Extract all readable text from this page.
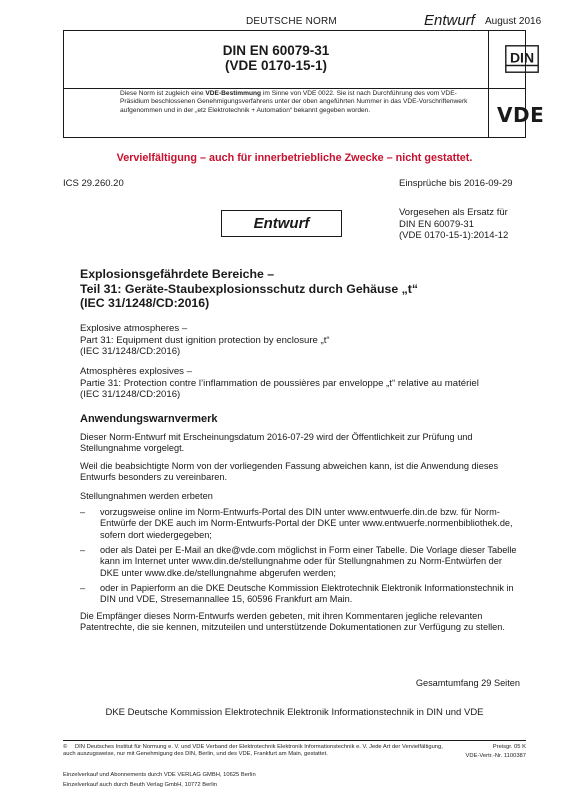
DEUTSCHE NORM	Entwurf August 2016
DIN EN 60079-31
(VDE 0170-15-1)
Diese Norm ist zugleich eine VDE-Bestimmung im Sinne von VDE 0022. Sie ist nach Durchführung des vom VDE-Präsidium beschlossenen Genehmigungsverfahrens unter der oben angeführten Nummer in das VDE-Vorschriftenwerk aufgenommen und in der „etz Elektrotechnik + Automation“ bekannt gegeben worden.
DIN
VDE
Vervielfältigung – auch für innerbetriebliche Zwecke – nicht gestattet.
ICS 29.260.20	Einsprüche bis 2016-09-29
Vorgesehen als Ersatz für
DIN EN 60079-31
(VDE 0170-15-1):2014-12
Entwurf
Explosionsgefährdete Bereiche –
Teil 31: Geräte-Staubexplosionsschutz durch Gehäuse „t“
(IEC 31/1248/CD:2016)
Explosive atmospheres –
Part 31: Equipment dust ignition protection by enclosure „t“
(IEC 31/1248/CD:2016)
Atmosphères explosives –
Partie 31: Protection contre l’inflammation de poussières par enveloppe „t“ relative au matériel
(IEC 31/1248/CD:2016)
Anwendungswarnvermerk
Dieser Norm-Entwurf mit Erscheinungsdatum 2016-07-29 wird der Öffentlichkeit zur Prüfung und Stellungnahme vorgelegt.
Weil die beabsichtigte Norm von der vorliegenden Fassung abweichen kann, ist die Anwendung dieses Entwurfs besonders zu vereinbaren.
Stellungnahmen werden erbeten
– vorzugsweise online im Norm-Entwurfs-Portal des DIN unter www.entwuerfe.din.de bzw. für Norm-Entwürfe der DKE auch im Norm-Entwurfs-Portal der DKE unter www.entwuerfe.normenbibliothek.de, sofern dort wiedergegeben;
– oder als Datei per E-Mail an dke@vde.com möglichst in Form einer Tabelle. Die Vorlage dieser Tabelle kann im Internet unter www.din.de/stellungnahme oder für Stellungnahmen zu Norm-Entwürfen der DKE unter www.dke.de/stellungnahme abgerufen werden;
– oder in Papierform an die DKE Deutsche Kommission Elektrotechnik Elektronik Informationstechnik in DIN und VDE, Stresemannallee 15, 60596 Frankfurt am Main.
Die Empfänger dieses Norm-Entwurfs werden gebeten, mit ihren Kommentaren jegliche relevanten Patentrechte, die sie kennen, mitzuteilen und unterstützende Dokumentationen zur Verfügung zu stellen.
Gesamtumfang 29 Seiten
DKE Deutsche Kommission Elektrotechnik Elektronik Informationstechnik in DIN und VDE
© DIN Deutsches Institut für Normung e. V. und VDE Verband der Elektrotechnik Elektronik Informationstechnik e. V. Jede Art der Vervielfältigung, auch auszugsweise, nur mit Genehmigung des DIN, Berlin, und des VDE, Frankfurt am Main, gestattet.
Einzelverkauf und Abonnements durch VDE VERLAG GMBH, 10625 Berlin
Einzelverkauf auch durch Beuth Verlag GmbH, 10772 Berlin
Preisgr. 05 K
VDE-Vertr.-Nr. 1100387
